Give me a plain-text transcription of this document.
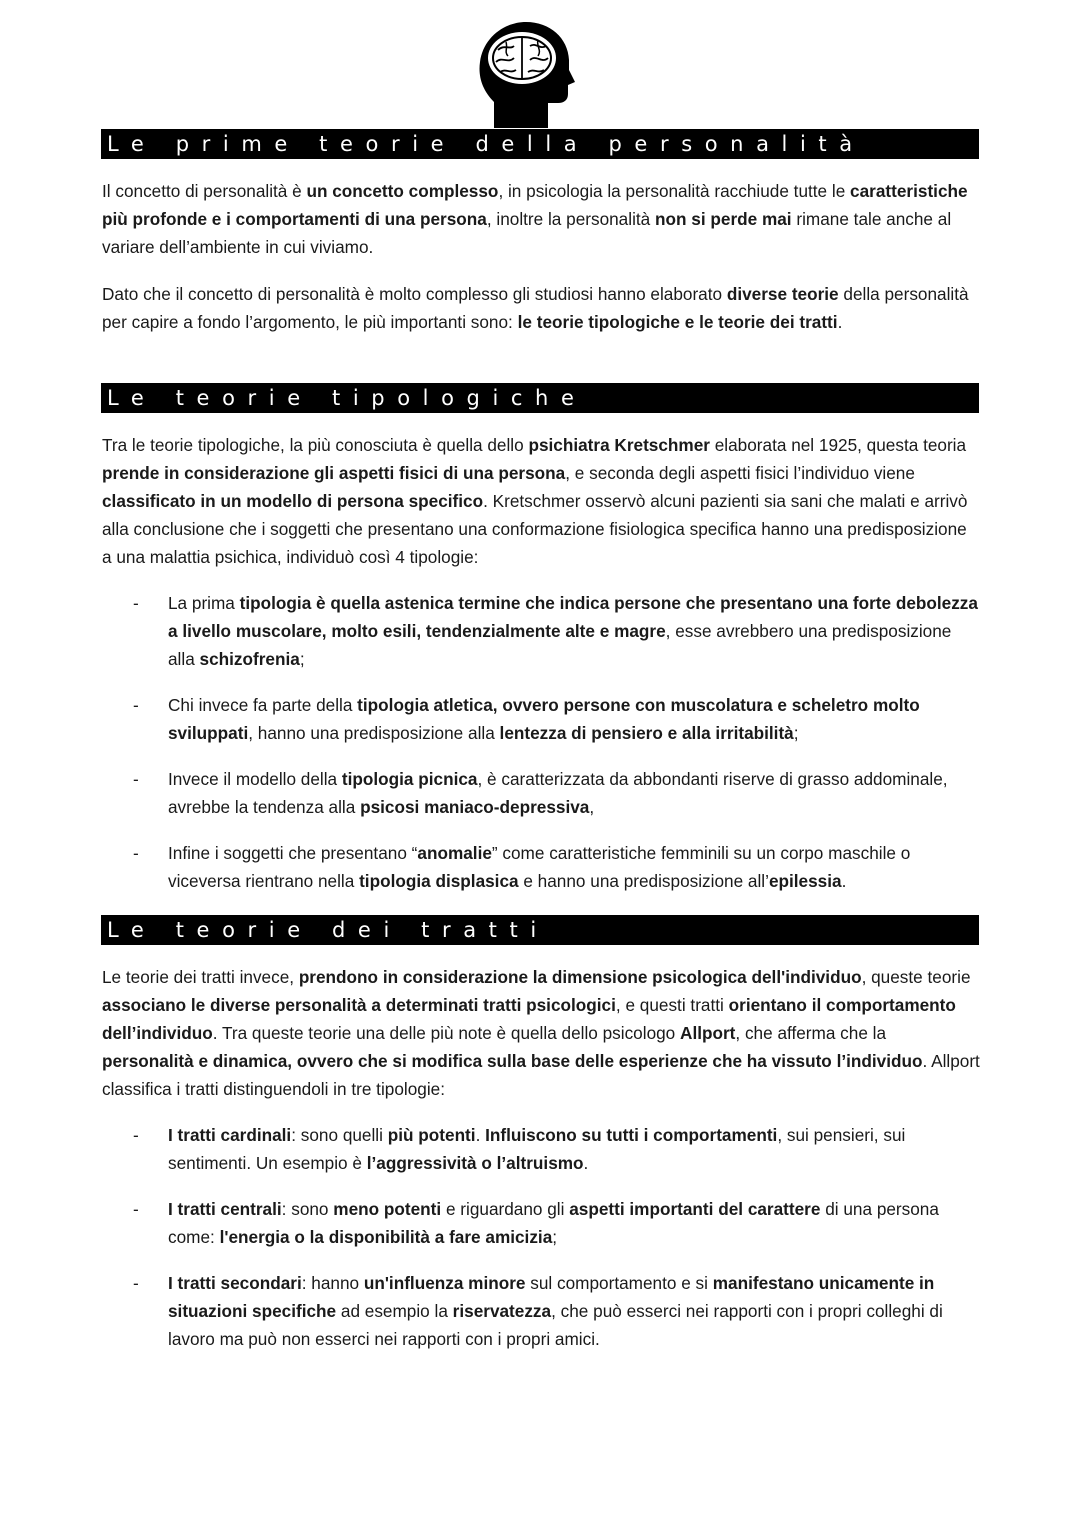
Le prime teorie della personalità

Il concetto di personalità è un concetto complesso, in psicologia la personalità racchiude tutte le caratteristiche più profonde e i comportamenti di una persona, inoltre la personalità non si perde mai rimane tale anche al variare dell’ambiente in cui viviamo.

Dato che il concetto di personalità è molto complesso gli studiosi hanno elaborato diverse teorie della personalità per capire a fondo l’argomento, le più importanti sono: le teorie tipologiche e le teorie dei tratti.

Le teorie tipologiche

Tra le teorie tipologiche, la più conosciuta è quella dello psichiatra Kretschmer elaborata nel 1925, questa teoria prende in considerazione gli aspetti fisici di una persona, e seconda degli aspetti fisici l’individuo viene classificato in un modello di persona specifico. Kretschmer osservò alcuni pazienti sia sani che malati e arrivò alla conclusione che i soggetti che presentano una conformazione fisiologica specifica hanno una predisposizione a una malattia psichica, individuò così 4 tipologie:

- La prima tipologia è quella astenica termine che indica persone che presentano una forte debolezza a livello muscolare, molto esili, tendenzialmente alte e magre, esse avrebbero una predisposizione alla schizofrenia;
- Chi invece fa parte della tipologia atletica, ovvero persone con muscolatura e scheletro molto sviluppati, hanno una predisposizione alla lentezza di pensiero e alla irritabilità;
- Invece il modello della tipologia picnica, è caratterizzata da abbondanti riserve di grasso addominale, avrebbe la tendenza alla psicosi maniaco-depressiva,
- Infine i soggetti che presentano “anomalie” come caratteristiche femminili su un corpo maschile o viceversa rientrano nella tipologia displasica e hanno una predisposizione all’epilessia.
Le teorie dei tratti

Le teorie dei tratti invece, prendono in considerazione la dimensione psicologica dell'individuo, queste teorie associano le diverse personalità a determinati tratti psicologici, e questi tratti orientano il comportamento dell’individuo. Tra queste teorie una delle più note è quella dello psicologo Allport, che afferma che la personalità e dinamica, ovvero che si modifica sulla base delle esperienze che ha vissuto l’individuo. Allport classifica i tratti distinguendoli in tre tipologie:

- I tratti cardinali: sono quelli più potenti. Influiscono su tutti i comportamenti, sui pensieri, sui sentimenti. Un esempio è l’aggressività o l’altruismo.
- I tratti centrali: sono meno potenti e riguardano gli aspetti importanti del carattere di una persona come: l'energia o la disponibilità a fare amicizia;
- I tratti secondari: hanno un'influenza minore sul comportamento e si manifestano unicamente in situazioni specifiche ad esempio la riservatezza, che può esserci nei rapporti con i propri colleghi di lavoro ma può non esserci nei rapporti con i propri amici.
